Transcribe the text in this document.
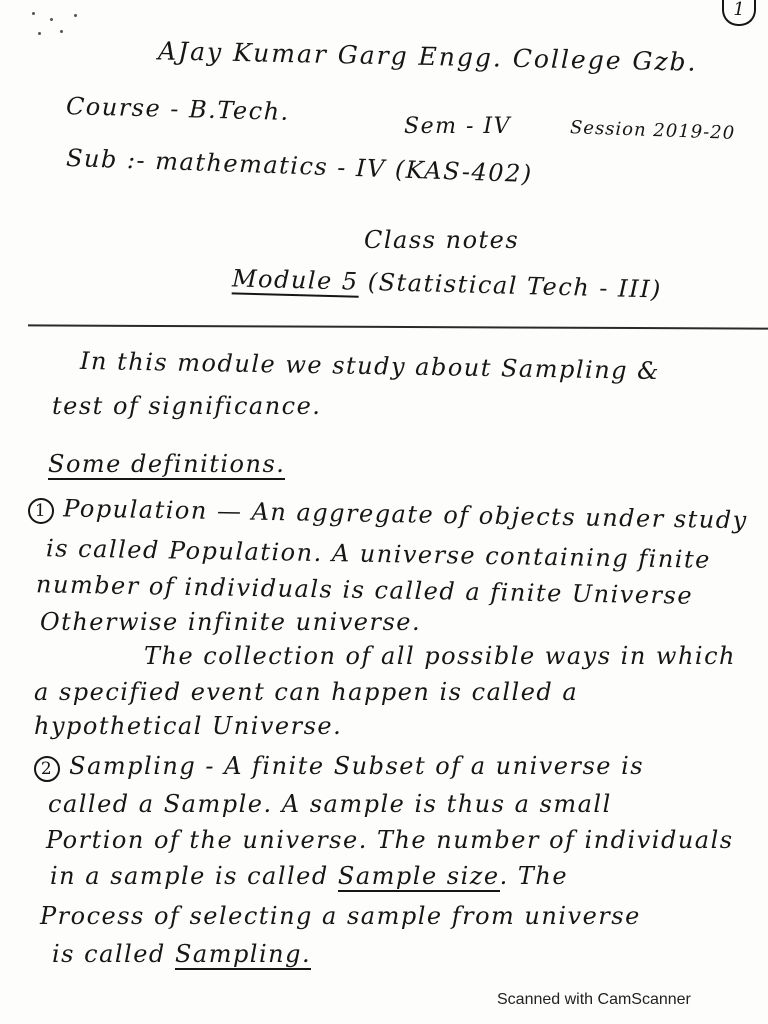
1
AJay Kumar Garg Engg. College Gzb.
Course - B.Tech.
Sem - IV	Session 2019-20
Sub :- mathematics - IV (KAS-402)
Class notes
Module 5 (Statistical Tech - III)
In this module we study about Sampling &
test of significance.
Some definitions.
1 Population — An aggregate of objects under study
is called Population. A universe containing finite
number of individuals is called a finite Universe
Otherwise infinite universe.
The collection of all possible ways in which
a specified event can happen is called a
hypothetical Universe.
2 Sampling - A finite Subset of a universe is
called a Sample. A sample is thus a small
Portion of the universe. The number of individuals
in a sample is called Sample size. The
Process of selecting a sample from universe
is called Sampling.
Scanned with CamScanner
